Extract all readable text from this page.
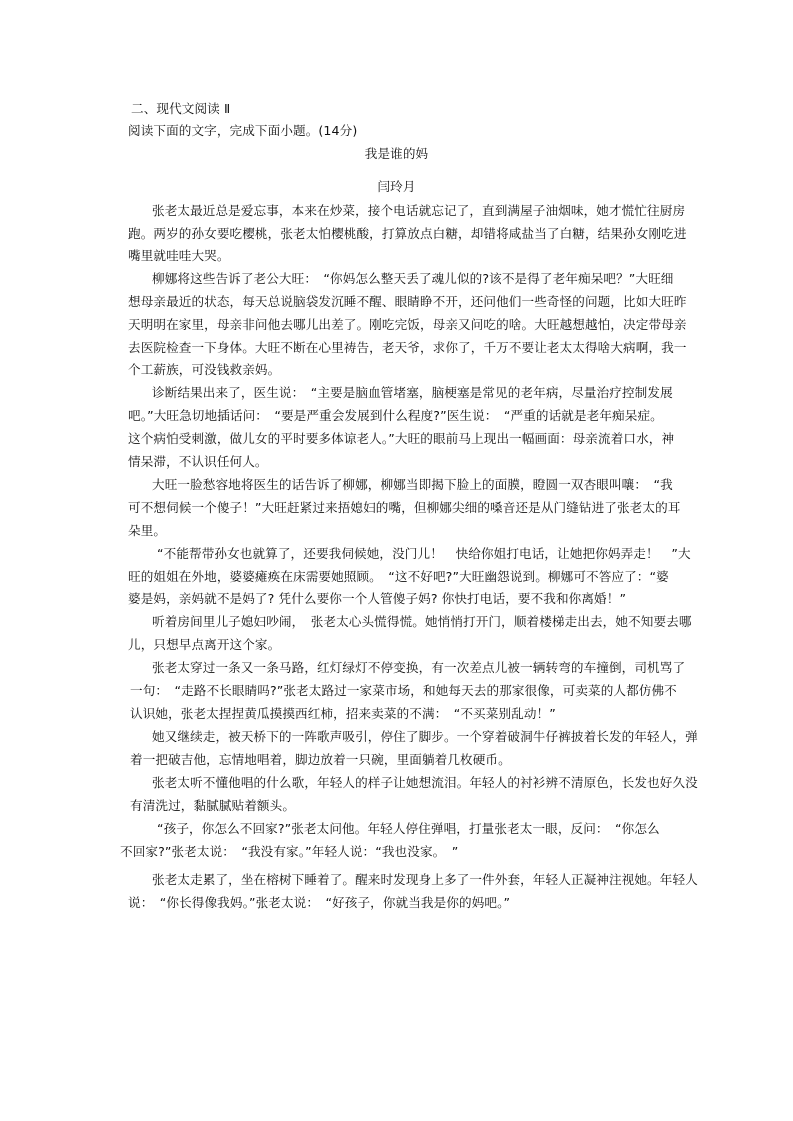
二、现代文阅读 Ⅱ
阅读下面的文字，完成下面小题。(14分)
我是谁的妈
闫玲月
张老太最近总是爱忘事，本来在炒菜，接个电话就忘记了，直到满屋子油烟味，她才慌忙往厨房
跑。两岁的孙女要吃樱桃，张老太怕樱桃酸，打算放点白糖，却错将咸盐当了白糖，结果孙女刚吃进
嘴里就哇哇大哭。
柳娜将这些告诉了老公大旺：　“你妈怎么整天丢了魂儿似的?该不是得了老年痴呆吧？”大旺细
想母亲最近的状态，每天总说脑袋发沉睡不醒、眼睛睁不开，还问他们一些奇怪的问题，比如大旺昨
天明明在家里，母亲非问他去哪儿出差了。刚吃完饭，母亲又问吃的啥。大旺越想越怕，决定带母亲
去医院检查一下身体。大旺不断在心里祷告，老天爷，求你了，千万不要让老太太得啥大病啊，我一
个工薪族，可没钱救亲妈。
诊断结果出来了，医生说：　“主要是脑血管堵塞，脑梗塞是常见的老年病，尽量治疗控制发展
吧。”大旺急切地插话问：　“要是严重会发展到什么程度?”医生说：　“严重的话就是老年痴呆症。
这个病怕受刺激，做儿女的平时要多体谅老人。”大旺的眼前马上现出一幅画面：母亲流着口水，神
情呆滞，不认识任何人。
大旺一脸愁容地将医生的话告诉了柳娜，柳娜当即揭下脸上的面膜，瞪圆一双杏眼叫嚷：　“我
可不想伺候一个傻子！”大旺赶紧过来捂媳妇的嘴，但柳娜尖细的嗓音还是从门缝钻进了张老太的耳
朵里。
“不能帮带孙女也就算了，还要我伺候她，没门儿！　快给你姐打电话，让她把你妈弄走！　”大
旺的姐姐在外地，婆婆瘫痪在床需要她照顾。　“这不好吧?”大旺幽怨说到。柳娜可不答应了：“婆
婆是妈，亲妈就不是妈了? 凭什么要你一个人管傻子妈? 你快打电话，要不我和你离婚！”
听着房间里儿子媳妇吵闹，　张老太心头慌得慌。她悄悄打开门，顺着楼梯走出去，她不知要去哪
儿，只想早点离开这个家。
张老太穿过一条又一条马路，红灯绿灯不停变换，有一次差点儿被一辆转弯的车撞倒，司机骂了
一句：　“走路不长眼睛吗?”张老太路过一家菜市场，和她每天去的那家很像，可卖菜的人都仿佛不
认识她，张老太捏捏黄瓜摸摸西红柿，招来卖菜的不满：　“不买菜别乱动！”
她又继续走，被天桥下的一阵歌声吸引，停住了脚步。一个穿着破洞牛仔裤披着长发的年轻人，弹
着一把破吉他，忘情地唱着，脚边放着一只碗，里面躺着几枚硬币。
张老太听不懂他唱的什么歌，年轻人的样子让她想流泪。年轻人的衬衫辨不清原色，长发也好久没
有清洗过，黏腻腻贴着额头。
“孩子，你怎么不回家?”张老太问他。年轻人停住弹唱，打量张老太一眼，反问：　“你怎么
不回家?”张老太说：　“我没有家。”年轻人说：“我也没家。　”
张老太走累了，坐在榕树下睡着了。醒来时发现身上多了一件外套，年轻人正凝神注视她。年轻人
说：　“你长得像我妈。”张老太说：　“好孩子，你就当我是你的妈吧。”
